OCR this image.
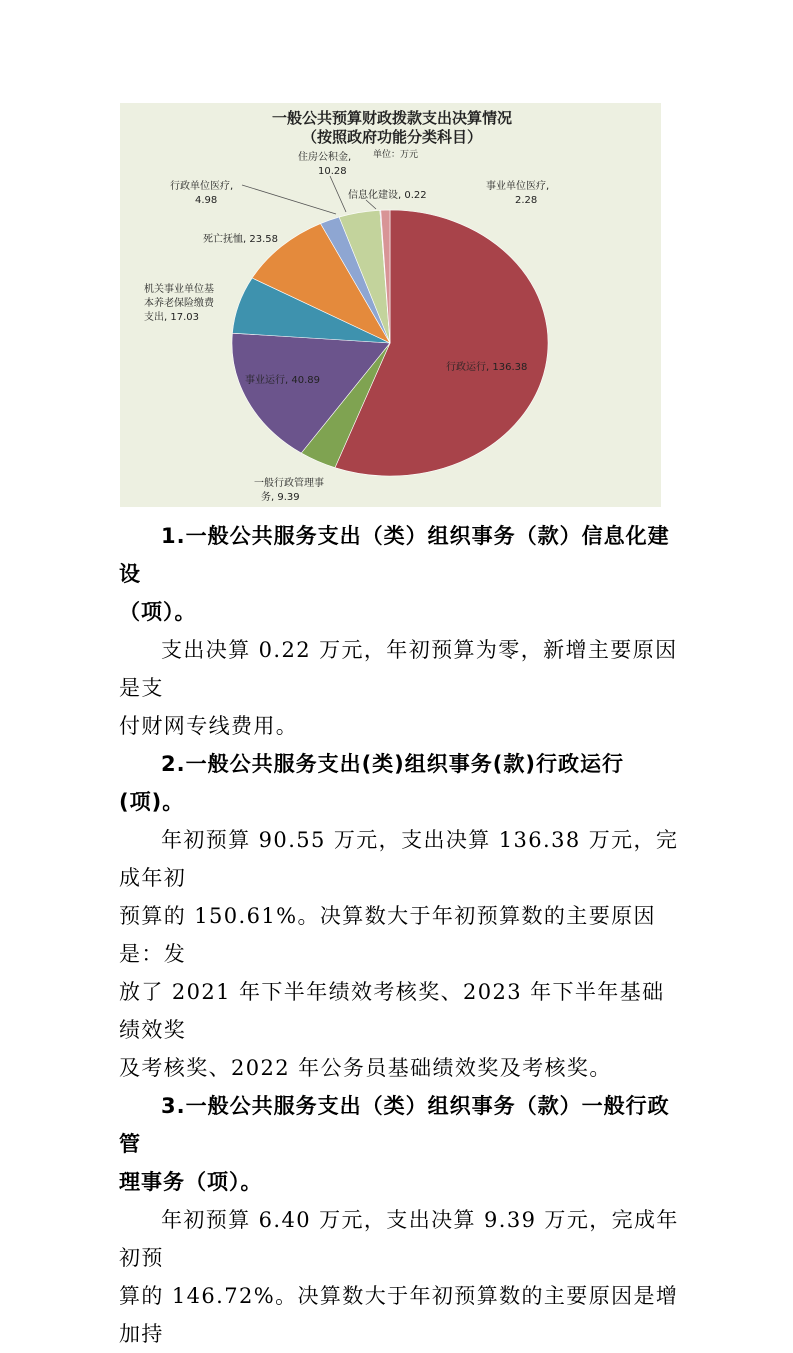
一般公共预算财政拨款支出决算情况
（按照政府功能分类科目）
单位：万元
行政运行, 136.38
一般行政管理事
务, 9.39
事业运行, 40.89
机关事业单位基
本养老保险缴费
支出, 17.03
死亡抚恤, 23.58
行政单位医疗,
4.98
住房公积金,
10.28
信息化建设, 0.22
事业单位医疗,
2.28

1.一般公共服务支出（类）组织事务（款）信息化建设
（项）。

支出决算 0.22 万元，年初预算为零，新增主要原因是支
付财网专线费用。

2.一般公共服务支出(类)组织事务(款)行政运行(项)。

年初预算 90.55 万元，支出决算 136.38 万元，完成年初
预算的 150.61%。决算数大于年初预算数的主要原因是：发
放了 2021 年下半年绩效考核奖、2023 年下半年基础绩效奖
及考核奖、2022 年公务员基础绩效奖及考核奖。

3.一般公共服务支出（类）组织事务（款）一般行政管
理事务（项）。

年初预算 6.40 万元，支出决算 9.39 万元，完成年初预
算的 146.72%。决算数大于年初预算数的主要原因是增加持
